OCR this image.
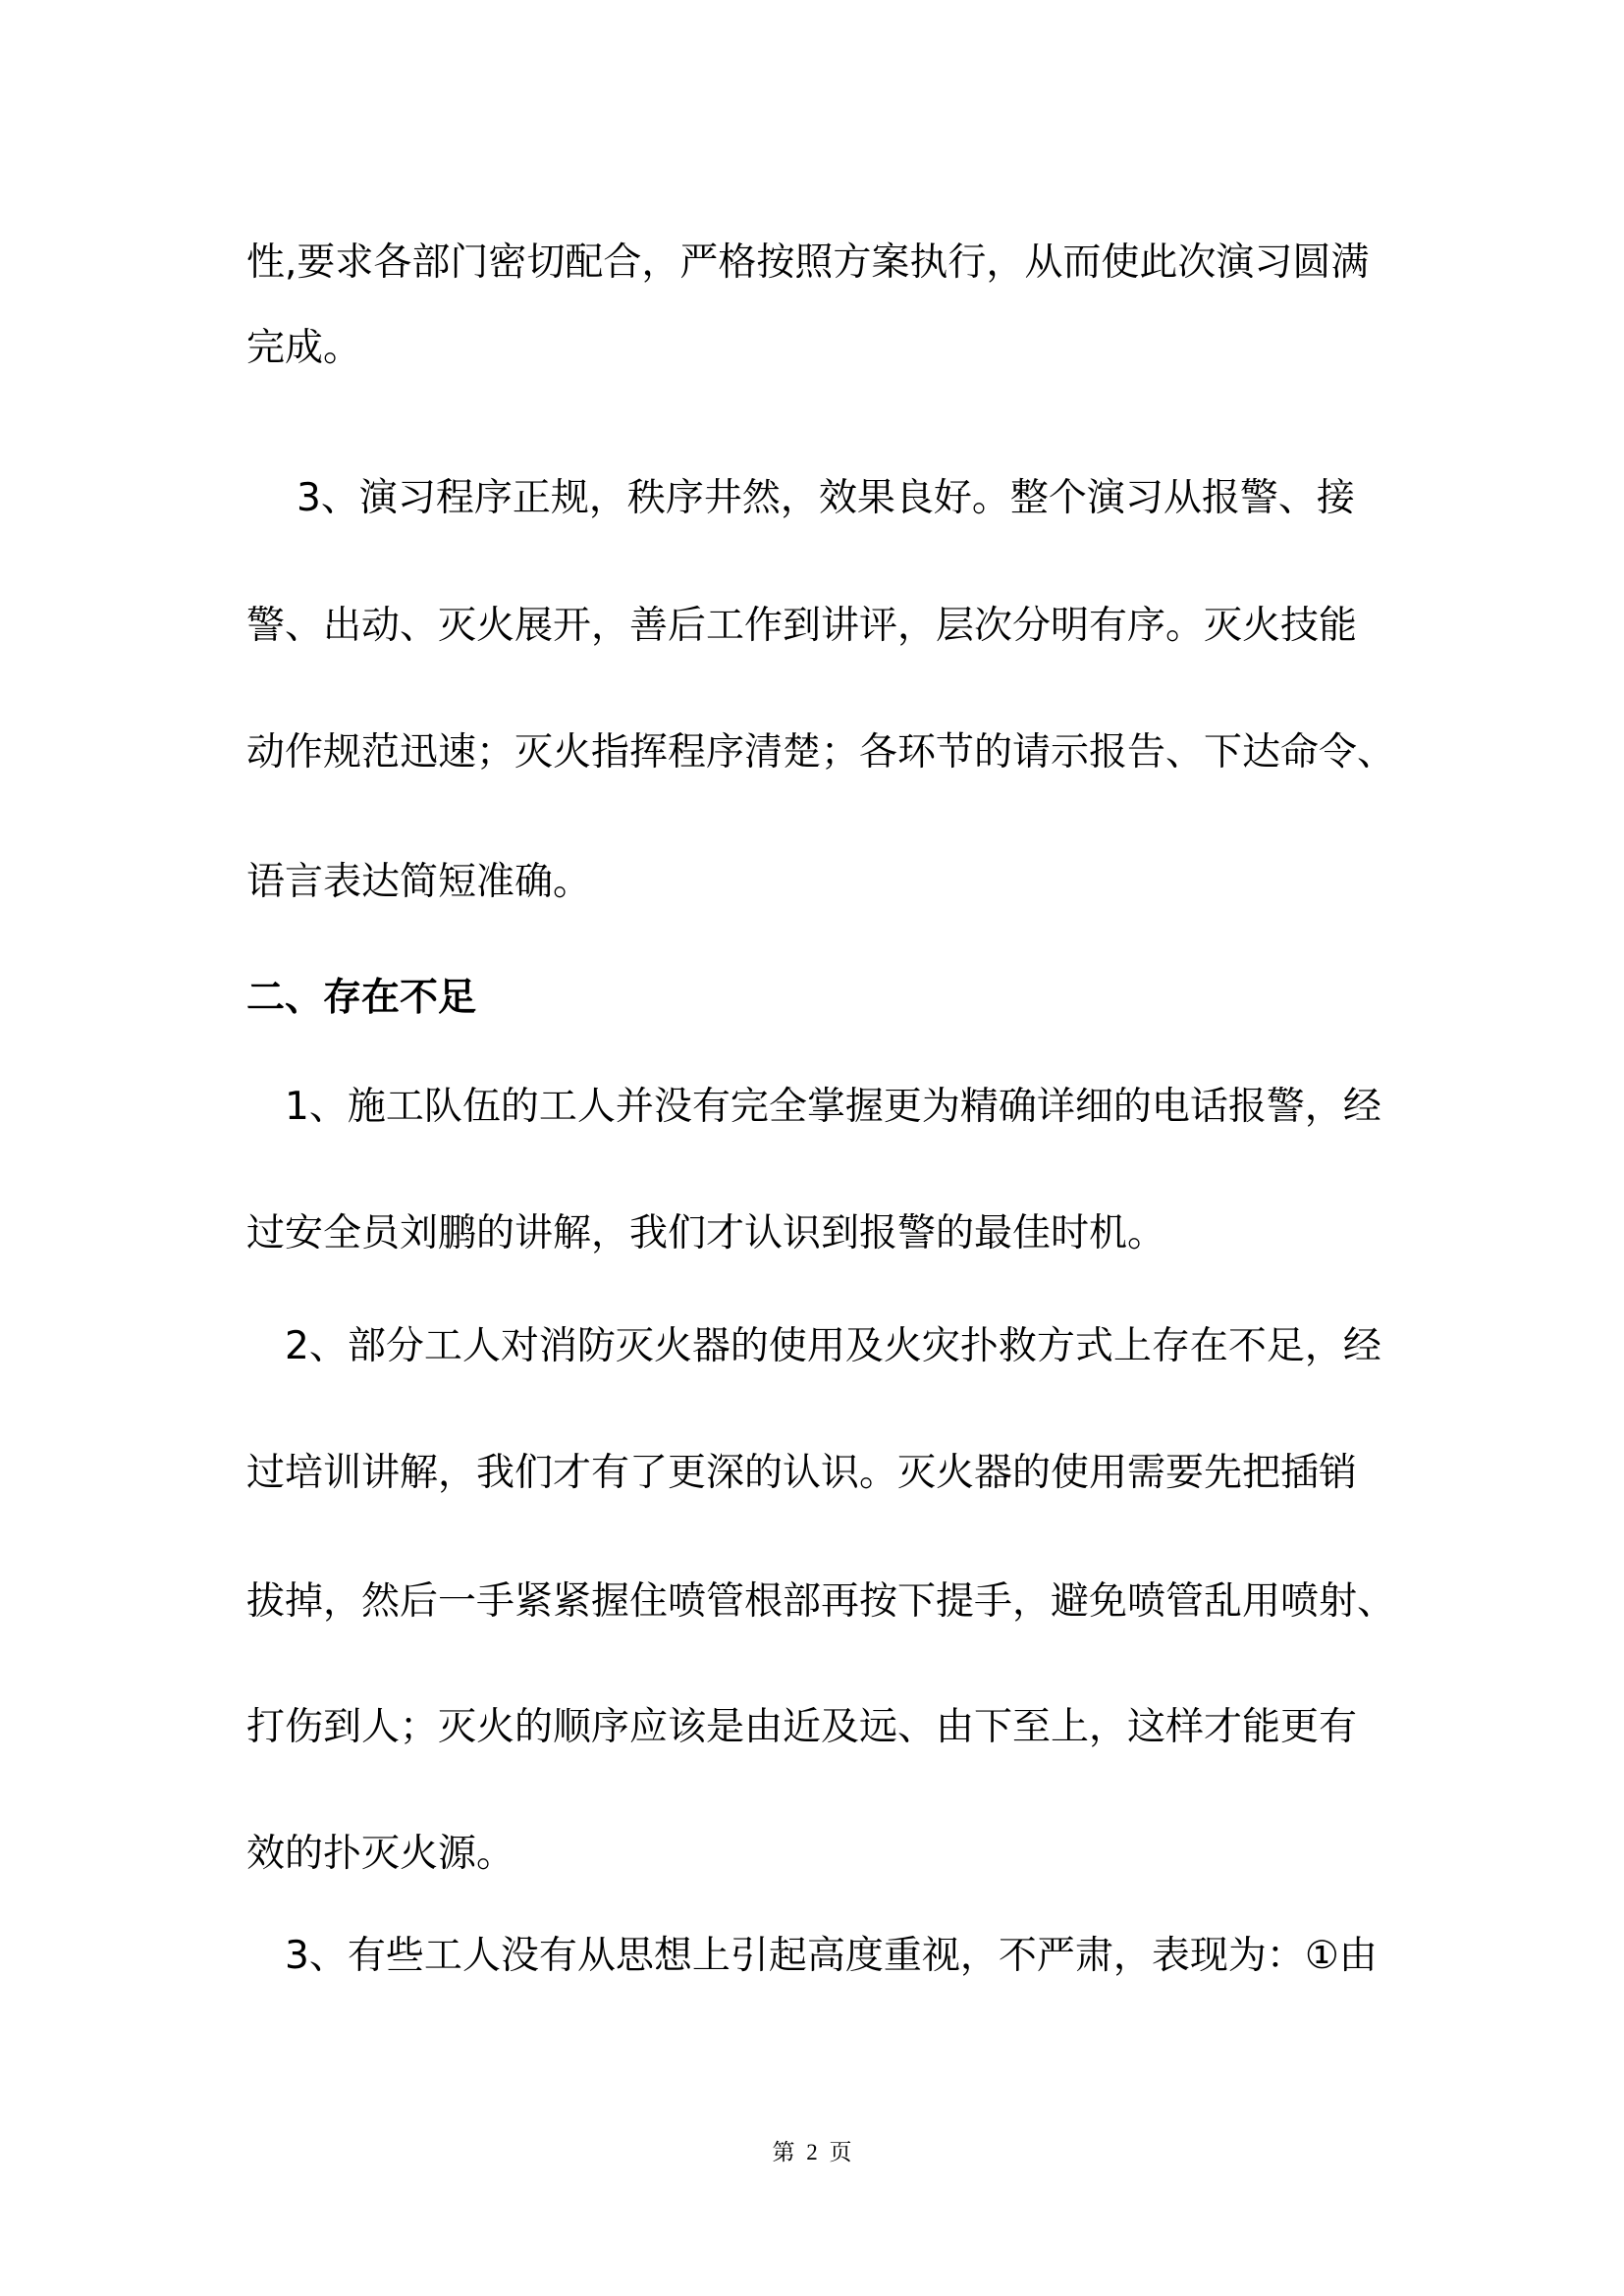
性,要求各部门密切配合，严格按照方案执行，从而使此次演习圆满
完成。
3、演习程序正规，秩序井然，效果良好。整个演习从报警、接
警、出动、灭火展开，善后工作到讲评，层次分明有序。灭火技能
动作规范迅速；灭火指挥程序清楚；各环节的请示报告、下达命令、
语言表达简短准确。
二、存在不足
1、施工队伍的工人并没有完全掌握更为精确详细的电话报警，经
过安全员刘鹏的讲解，我们才认识到报警的最佳时机。
2、部分工人对消防灭火器的使用及火灾扑救方式上存在不足，经
过培训讲解，我们才有了更深的认识。灭火器的使用需要先把插销
拔掉，然后一手紧紧握住喷管根部再按下提手，避免喷管乱用喷射、
打伤到人；灭火的顺序应该是由近及远、由下至上，这样才能更有
效的扑灭火源。
3、有些工人没有从思想上引起高度重视，不严肃，表现为：①由
第 2 页
